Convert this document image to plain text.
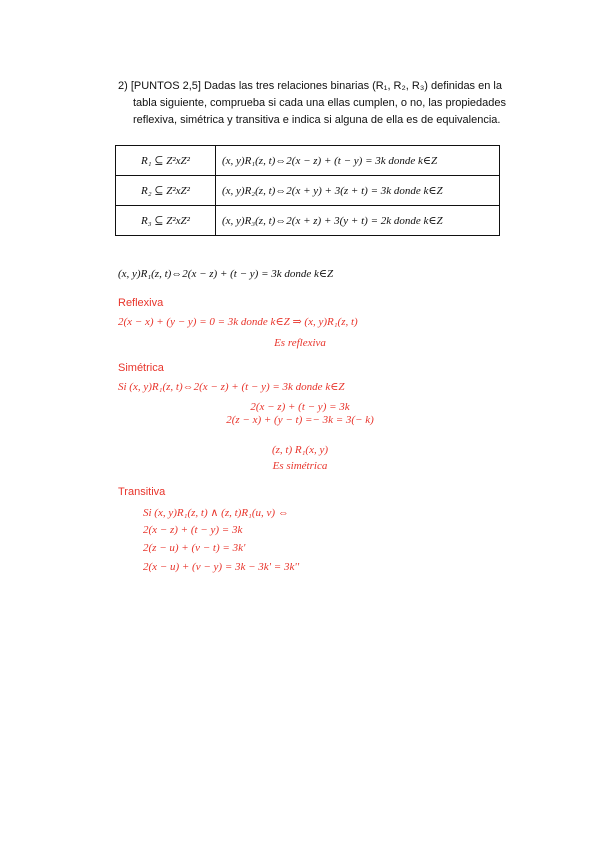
2) [PUNTOS 2,5] Dadas las tres relaciones binarias (R₁, R₂, R₃) definidas en la
tabla siguiente, comprueba si cada una ellas cumplen, o no, las propiedades
reflexiva, simétrica y transitiva e indica si alguna de ella es de equivalencia.
R₁ ⊆ Z²xZ²	(x, y)R₁(z, t)⇔2(x − z) + (t − y) = 3k donde k∈Z
R₂ ⊆ Z²xZ²	(x, y)R₂(z, t)⇔2(x + y) + 3(z + t) = 3k donde k∈Z
R₃ ⊆ Z²xZ²	(x, y)R₃(z, t)⇔2(x + z) + 3(y + t) = 2k donde k∈Z
(x, y)R₁(z, t)⇔2(x − z) + (t − y) = 3k donde k∈Z
Reflexiva
2(x − x) + (y − y) = 0 = 3k donde k∈Z ⇒ (x, y)R₁(z, t)
Es reflexiva
Simétrica
Si (x, y)R₁(z, t)⇔2(x − z) + (t − y) = 3k donde k∈Z
2(x − z) + (t − y) = 3k
2(z − x) + (y − t) =− 3k = 3(− k)
(z, t) R₁(x, y)
Es simétrica
Transitiva
Si (x, y)R₁(z, t) ∧ (z, t)R₁(u, v) ⇔
2(x − z) + (t − y) = 3k
2(z − u) + (v − t) = 3k'
2(x − u) + (v − y) = 3k − 3k' = 3k''
